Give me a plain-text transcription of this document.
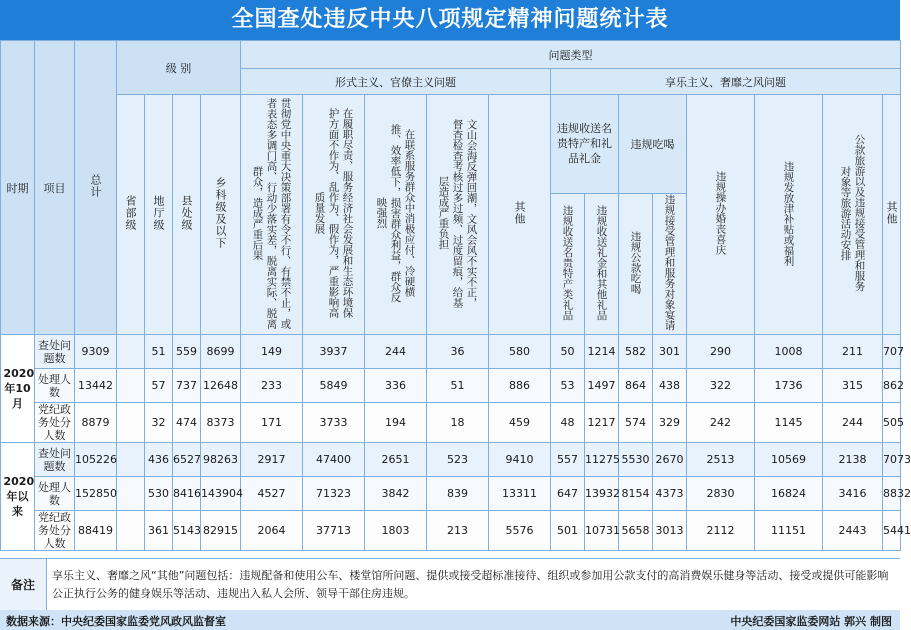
全国查处违反中央八项规定精神问题统计表
时期	项目	总计	级 别				问题类型													
							形式主义、官僚主义问题					享乐主义、奢靡之风问题								
			省部级	地厅级	县处级	乡科级及以下	贯彻党中央重大决策部署有令不行、有禁不止，或者表态多调门高、行动少落实差，脱离实际、脱离群众，造成严重后果	在履职尽责、服务经济社会发展和生态环境保护方面不作为、乱作为、假作为，严重影响高质量发展	在联系服务群众中消极应付、冷硬横推、效率低下，损害群众利益，群众反映强烈	文山会海反弹回潮，文风会风不实不正，督查检查考核过多过频、过度留痕，给基层造成严重负担	其他	违规收送名贵特产和礼品礼金		违规吃喝		违规操办婚丧喜庆	违规发放津补贴或福利	公款旅游以及违规接受管理和服务对象等旅游活动安排	其他	
												违规收送名贵特产类礼品	违规收送礼金和其他礼品	违规公款吃喝	违规接受管理和服务对象宴请					
2020年10月	查处问题数	9309		51	559	8699	149	3937	244	36	580	50	1214	582	301	290	1008	211	707	
	处理人数	13442		57	737	12648	233	5849	336	51	886	53	1497	864	438	322	1736	315	862	
	党纪政务处分人数	8879		32	474	8373	171	3733	194	18	459	48	1217	574	329	242	1145	244	505	
2020年以来	查处问题数	105226		436	6527	98263	2917	47400	2651	523	9410	557	11275	5530	2670	2513	10569	2138	7073	
	处理人数	152850		530	8416	143904	4527	71323	3842	839	13311	647	13932	8154	4373	2830	16824	3416	8832	
	党纪政务处分人数	88419		361	5143	82915	2064	37713	1803	213	5576	501	10731	5658	3013	2112	11151	2443	5441	
备注
享乐主义、奢靡之风“其他”问题包括：违规配备和使用公车、楼堂馆所问题、提供或接受超标准接待、组织或参加用公款支付的高消费娱乐健身等活动、接受或提供可能影响公正执行公务的健身娱乐等活动、违规出入私人会所、领导干部住房违规。
数据来源：中央纪委国家监委党风政风监督室	中央纪委国家监委网站 郭兴 制图
